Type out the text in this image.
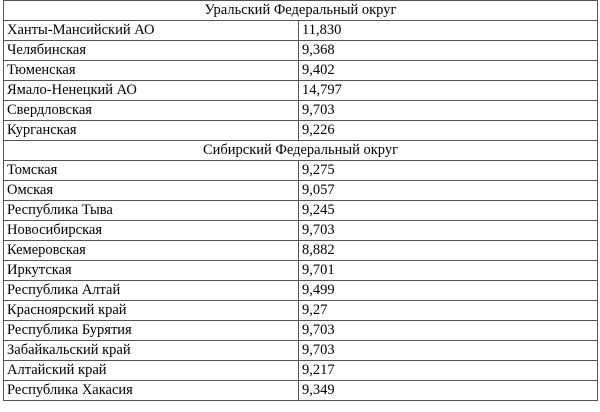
Уральский Федеральный округ	
Ханты-Мансийский АО	11,830
Челябинская	9,368
Тюменская	9,402
Ямало-Ненецкий АО	14,797
Свердловская	9,703
Курганская	9,226
Сибирский Федеральный округ	
Томская	9,275
Омская	9,057
Республика Тыва	9,245
Новосибирская	9,703
Кемеровская	8,882
Иркутская	9,701
Республика Алтай	9,499
Красноярский край	9,27
Республика Бурятия	9,703
Забайкальский край	9,703
Алтайский край	9,217
Республика Хакасия	9,349
